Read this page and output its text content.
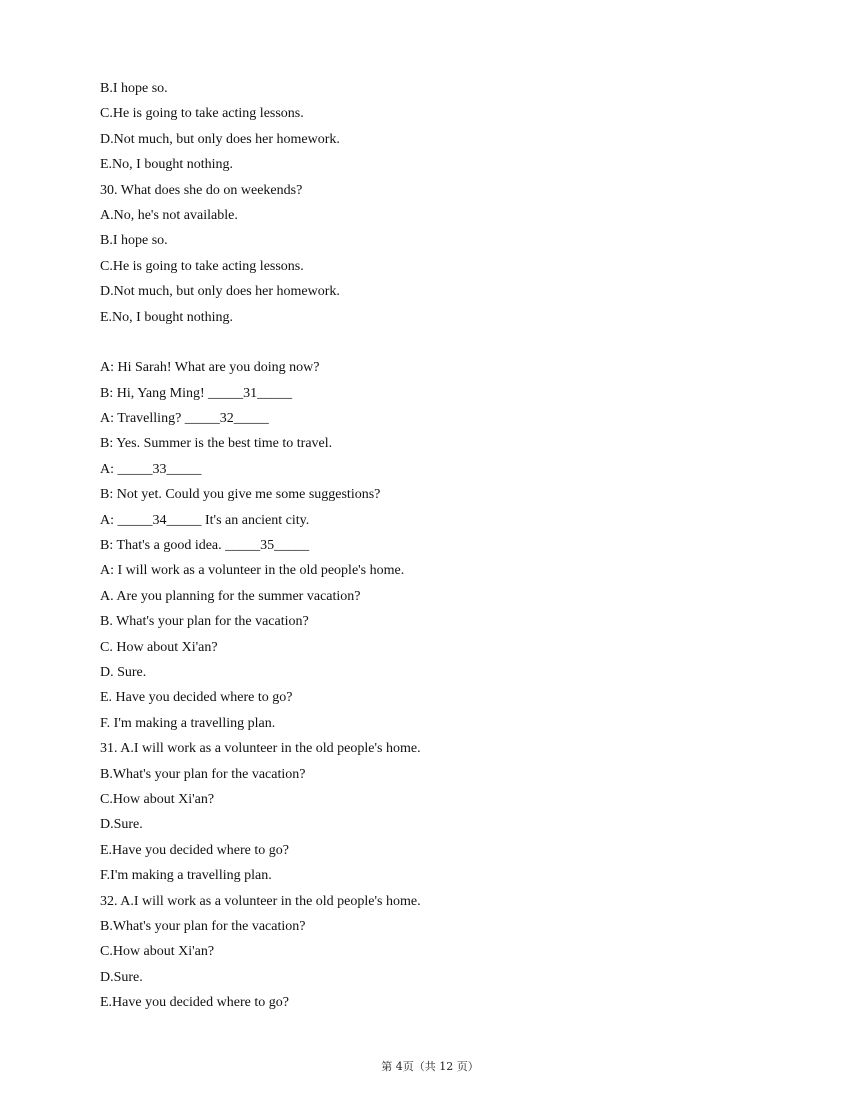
B.I hope so.
C.He is going to take acting lessons.
D.Not much, but only does her homework.
E.No, I bought nothing.
30. What does she do on weekends?
A.No, he's not available.
B.I hope so.
C.He is going to take acting lessons.
D.Not much, but only does her homework.
E.No, I bought nothing.
A: Hi Sarah! What are you doing now?
B: Hi, Yang Ming! _____31_____
A: Travelling? _____32_____
B: Yes. Summer is the best time to travel.
A: _____33_____
B: Not yet. Could you give me some suggestions?
A: _____34_____ It's an ancient city.
B: That's a good idea. _____35_____
A: I will work as a volunteer in the old people's home.
A. Are you planning for the summer vacation?
B. What's your plan for the vacation?
C. How about Xi'an?
D. Sure.
E. Have you decided where to go?
F. I'm making a travelling plan.
31. A.I will work as a volunteer in the old people's home.
B.What's your plan for the vacation?
C.How about Xi'an?
D.Sure.
E.Have you decided where to go?
F.I'm making a travelling plan.
32. A.I will work as a volunteer in the old people's home.
B.What's your plan for the vacation?
C.How about Xi'an?
D.Sure.
E.Have you decided where to go?
第 4页（共 12 页）
